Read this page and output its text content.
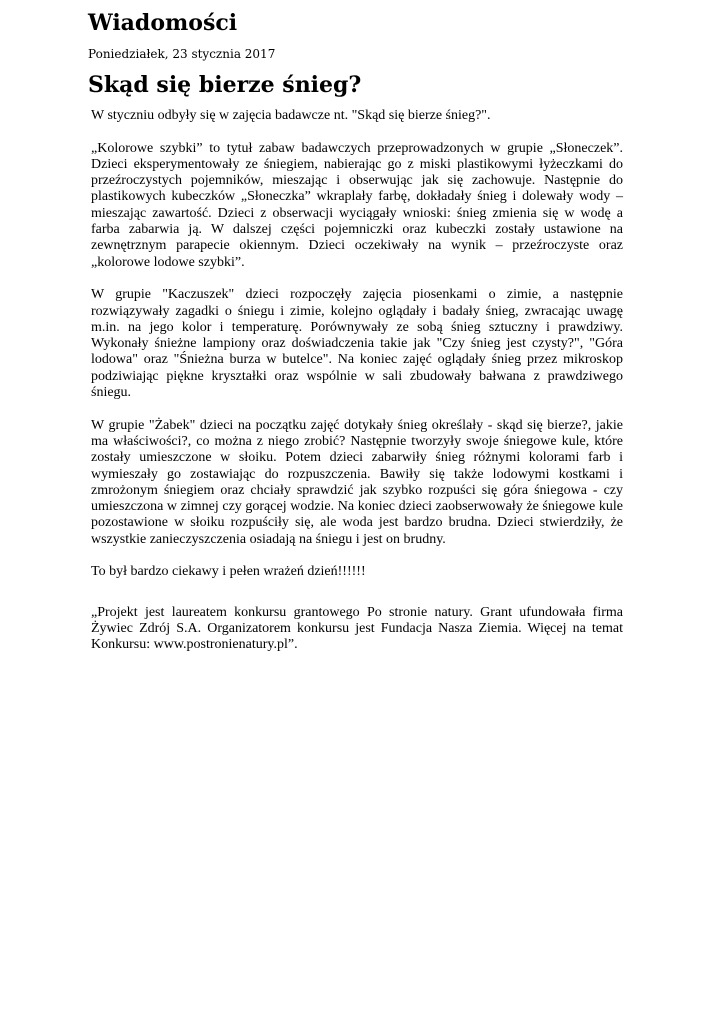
Wiadomości
Poniedziałek, 23 stycznia 2017
Skąd się bierze śnieg?

W styczniu odbyły się w zajęcia badawcze nt. "Skąd się bierze śnieg?".

„Kolorowe szybki” to tytuł zabaw badawczych przeprowadzonych w grupie „Słoneczek”. Dzieci eksperymentowały ze śniegiem, nabierając go z miski plastikowymi łyżeczkami do przeźroczystych pojemników, mieszając i obserwując jak się zachowuje. Następnie do plastikowych kubeczków „Słoneczka” wkraplały farbę, dokładały śnieg i dolewały wody – mieszając zawartość. Dzieci z obserwacji wyciągały wnioski: śnieg zmienia się w wodę a farba zabarwia ją. W dalszej części pojemniczki oraz kubeczki zostały ustawione na zewnętrznym parapecie okiennym. Dzieci oczekiwały na wynik – przeźroczyste oraz „kolorowe lodowe szybki”.

W grupie "Kaczuszek" dzieci rozpoczęły zajęcia piosenkami o zimie, a następnie rozwiązywały zagadki o śniegu i zimie, kolejno oglądały i badały śnieg, zwracając uwagę m.in. na jego kolor i temperaturę. Porównywały ze sobą śnieg sztuczny i prawdziwy. Wykonały śnieżne lampiony oraz doświadczenia takie jak "Czy śnieg jest czysty?", "Góra lodowa" oraz "Śnieżna burza w butelce". Na koniec zajęć oglądały śnieg przez mikroskop podziwiając piękne kryształki oraz wspólnie w sali zbudowały bałwana z prawdziwego śniegu.

W grupie "Żabek" dzieci na początku zajęć dotykały śnieg określały - skąd się bierze?, jakie ma właściwości?, co można z niego zrobić? Następnie tworzyły swoje śniegowe kule, które zostały umieszczone w słoiku. Potem dzieci zabarwiły śnieg różnymi kolorami farb i wymieszały go zostawiając do rozpuszczenia. Bawiły się także lodowymi kostkami i zmrożonym śniegiem oraz chciały sprawdzić jak szybko rozpuści się góra śniegowa - czy umieszczona w zimnej czy gorącej wodzie. Na koniec dzieci zaobserwowały że śniegowe kule pozostawione w słoiku rozpuściły się, ale woda jest bardzo brudna. Dzieci stwierdziły, że wszystkie zanieczyszczenia osiadają na śniegu i jest on brudny.

To był bardzo ciekawy i pełen wrażeń dzień!!!!!!

„Projekt jest laureatem konkursu grantowego Po stronie natury. Grant ufundowała firma Żywiec Zdrój S.A. Organizatorem konkursu jest Fundacja Nasza Ziemia. Więcej na temat Konkursu: www.postronienatury.pl”.
